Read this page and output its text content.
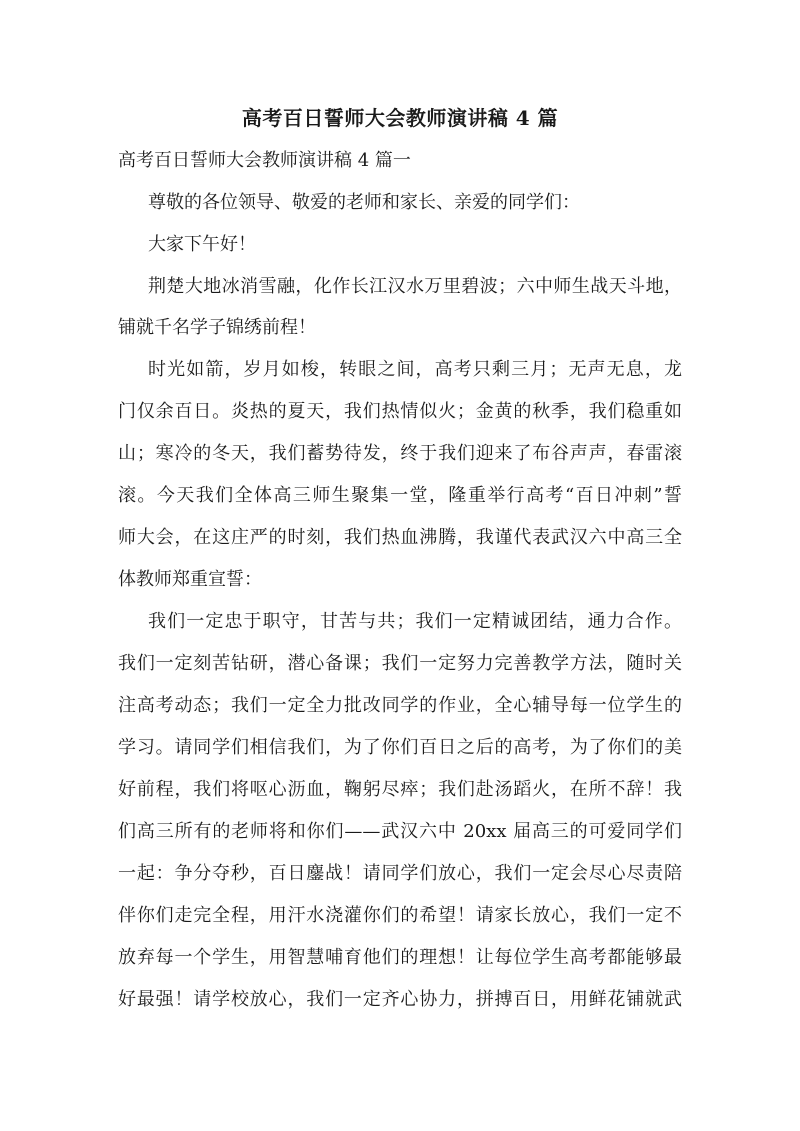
高考百日誓师大会教师演讲稿 4 篇
高考百日誓师大会教师演讲稿 4 篇一
尊敬的各位领导、敬爱的老师和家长、亲爱的同学们：
大家下午好！
荆楚大地冰消雪融，化作长江汉水万里碧波；六中师生战天斗地，
铺就千名学子锦绣前程！
时光如箭，岁月如梭，转眼之间，高考只剩三月；无声无息，龙
门仅余百日。炎热的夏天，我们热情似火；金黄的秋季，我们稳重如
山；寒冷的冬天，我们蓄势待发，终于我们迎来了布谷声声，春雷滚
滚。今天我们全体高三师生聚集一堂，隆重举行高考“百日冲刺”誓
师大会，在这庄严的时刻，我们热血沸腾，我谨代表武汉六中高三全
体教师郑重宣誓：
我们一定忠于职守，甘苦与共；我们一定精诚团结，通力合作。
我们一定刻苦钻研，潜心备课；我们一定努力完善教学方法，随时关
注高考动态；我们一定全力批改同学的作业，全心辅导每一位学生的
学习。请同学们相信我们，为了你们百日之后的高考，为了你们的美
好前程，我们将呕心沥血，鞠躬尽瘁；我们赴汤蹈火，在所不辞！我
们高三所有的老师将和你们——武汉六中 20xx 届高三的可爱同学们
一起：争分夺秒，百日鏖战！请同学们放心，我们一定会尽心尽责陪
伴你们走完全程，用汗水浇灌你们的希望！请家长放心，我们一定不
放弃每一个学生，用智慧哺育他们的理想！让每位学生高考都能够最
好最强！请学校放心，我们一定齐心协力，拼搏百日，用鲜花铺就武
